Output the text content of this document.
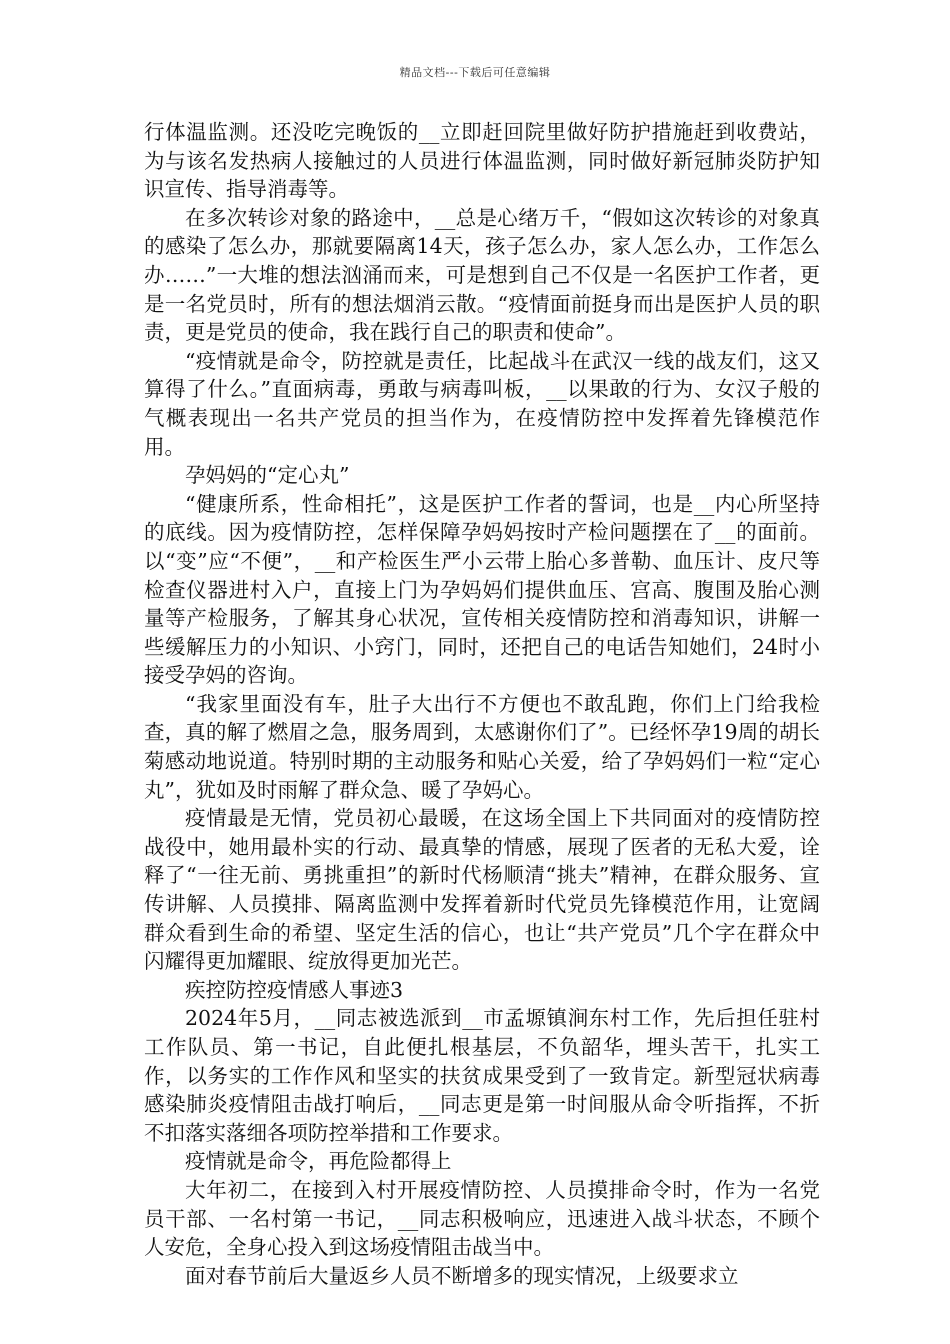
精品文档---下载后可任意编辑

行体温监测。还没吃完晚饭的__立即赶回院里做好防护措施赶到收费站，为与该名发热病人接触过的人员进行体温监测，同时做好新冠肺炎防护知识宣传、指导消毒等。

在多次转诊对象的路途中，__总是心绪万千，“假如这次转诊的对象真的感染了怎么办，那就要隔离14天，孩子怎么办，家人怎么办，工作怎么办……”一大堆的想法汹涌而来，可是想到自己不仅是一名医护工作者，更是一名党员时，所有的想法烟消云散。“疫情面前挺身而出是医护人员的职责，更是党员的使命，我在践行自己的职责和使命”。

“疫情就是命令，防控就是责任，比起战斗在武汉一线的战友们，这又算得了什么。”直面病毒，勇敢与病毒叫板，__以果敢的行为、女汉子般的气概表现出一名共产党员的担当作为，在疫情防控中发挥着先锋模范作用。

孕妈妈的“定心丸”

“健康所系，性命相托”，这是医护工作者的誓词，也是__内心所坚持的底线。因为疫情防控，怎样保障孕妈妈按时产检问题摆在了__的面前。以“变”应“不便”，__和产检医生严小云带上胎心多普勒、血压计、皮尺等检查仪器进村入户，直接上门为孕妈妈们提供血压、宫高、腹围及胎心测量等产检服务，了解其身心状况，宣传相关疫情防控和消毒知识，讲解一些缓解压力的小知识、小窍门，同时，还把自己的电话告知她们，24时小接受孕妈的咨询。

“我家里面没有车，肚子大出行不方便也不敢乱跑，你们上门给我检查，真的解了燃眉之急，服务周到，太感谢你们了”。已经怀孕19周的胡长菊感动地说道。特别时期的主动服务和贴心关爱，给了孕妈妈们一粒“定心丸”，犹如及时雨解了群众急、暖了孕妈心。

疫情最是无情，党员初心最暖，在这场全国上下共同面对的疫情防控战役中，她用最朴实的行动、最真挚的情感，展现了医者的无私大爱，诠释了“一往无前、勇挑重担”的新时代杨顺清“挑夫”精神，在群众服务、宣传讲解、人员摸排、隔离监测中发挥着新时代党员先锋模范作用，让宽阔群众看到生命的希望、坚定生活的信心，也让“共产党员”几个字在群众中闪耀得更加耀眼、绽放得更加光芒。

疾控防控疫情感人事迹3

2024年5月，__同志被选派到__市孟塬镇涧东村工作，先后担任驻村工作队员、第一书记，自此便扎根基层，不负韶华，埋头苦干，扎实工作，以务实的工作作风和坚实的扶贫成果受到了一致肯定。新型冠状病毒感染肺炎疫情阻击战打响后，__同志更是第一时间服从命令听指挥，不折不扣落实落细各项防控举措和工作要求。

疫情就是命令，再危险都得上

大年初二，在接到入村开展疫情防控、人员摸排命令时，作为一名党员干部、一名村第一书记，__同志积极响应，迅速进入战斗状态，不顾个人安危，全身心投入到这场疫情阻击战当中。

面对春节前后大量返乡人员不断增多的现实情况，上级要求立
